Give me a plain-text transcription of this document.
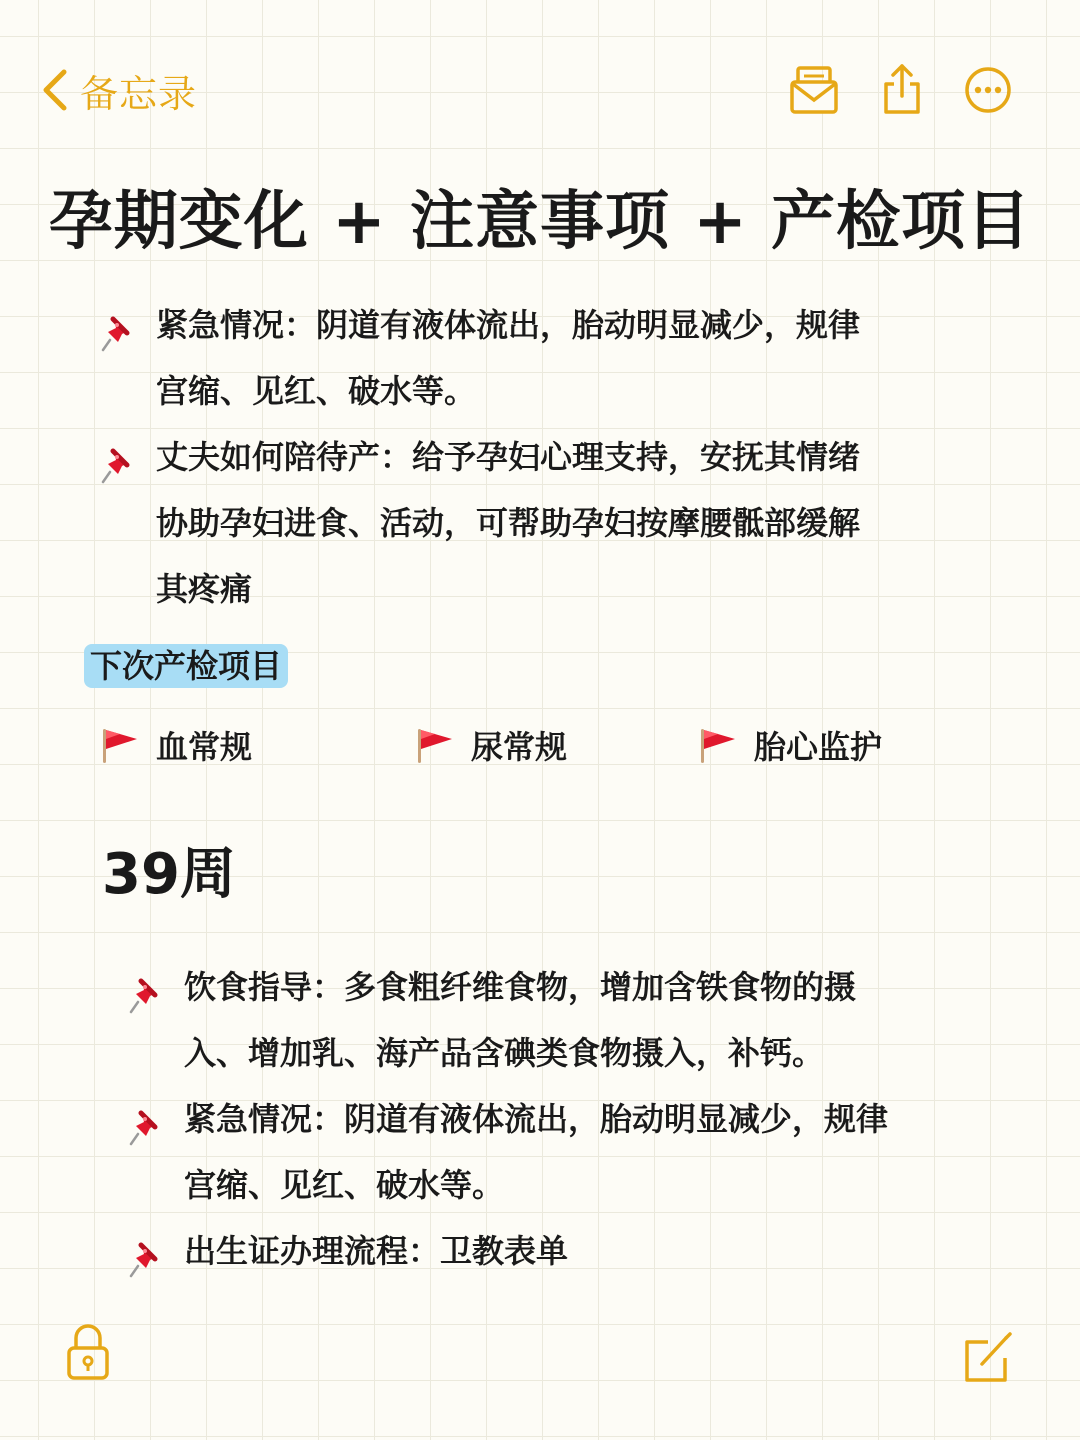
备忘录
孕期变化 + 注意事项 + 产检项目
紧急情况：阴道有液体流出，胎动明显减少，规律
宫缩、见红、破水等。
丈夫如何陪待产：给予孕妇心理支持，安抚其情绪
协助孕妇进食、活动，可帮助孕妇按摩腰骶部缓解
其疼痛
下次产检项目
血常规	尿常规	胎心监护
39周
饮食指导：多食粗纤维食物，增加含铁食物的摄
入、增加乳、海产品含碘类食物摄入，补钙。
紧急情况：阴道有液体流出，胎动明显减少，规律
宫缩、见红、破水等。
出生证办理流程：卫教表单
